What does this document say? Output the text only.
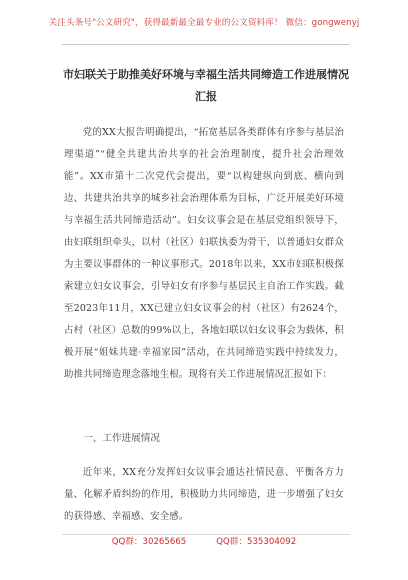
关注头条号"公文研究"，获得最新最全最专业的公文资料库！ 微信：gongwenyj
市妇联关于助推美好环境与幸福生活共同缔造工作进展情况汇报

党的XX大报告明确提出，“拓宽基层各类群体有序参与基层治理渠道”“健全共建共治共享的社会治理制度，提升社会治理效能”。XX市第十二次党代会提出，要“以构建纵向到底、横向到边、共建共治共享的城乡社会治理体系为目标，广泛开展美好环境与幸福生活共同缔造活动”。妇女议事会是在基层党组织领导下，由妇联组织牵头，以村（社区）妇联执委为骨干，以普通妇女群众为主要议事群体的一种议事形式。2018年以来，XX市妇联积极探索建立妇女议事会，引导妇女有序参与基层民主自治工作实践。截至2023年11月，XX已建立妇女议事会的村（社区）有2624个，占村（社区）总数的99%以上，各地妇联以妇女议事会为载体，积极开展“姐妹共建·幸福家园”活动，在共同缔造实践中持续发力，助推共同缔造理念落地生根。现将有关工作进展情况汇报如下：

一、工作进展情况

近年来，XX充分发挥妇女议事会通达社情民意、平衡各方力量、化解矛盾纠纷的作用，积极助力共同缔造，进一步增强了妇女的获得感、幸福感、安全感。

QQ群：30265665	QQ群：535304092
